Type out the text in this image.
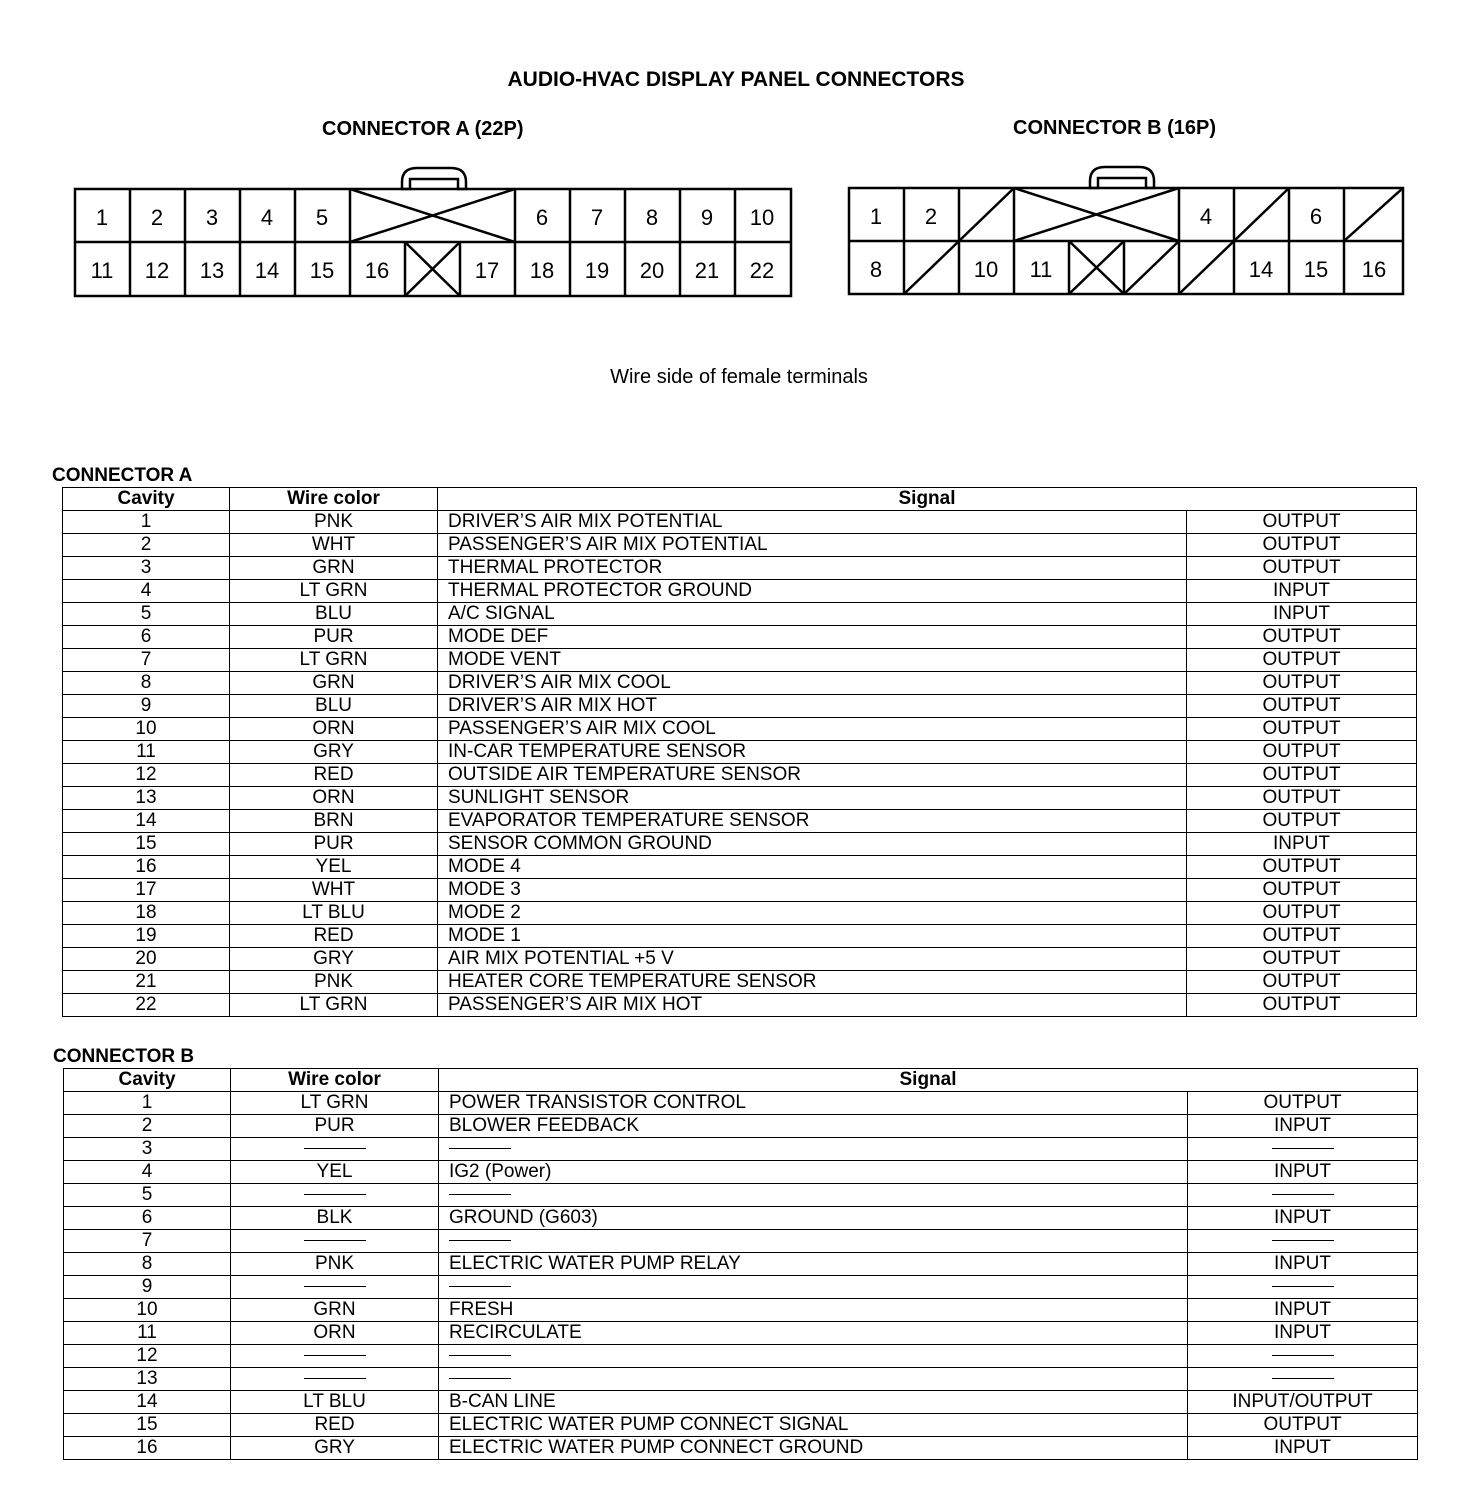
AUDIO-HVAC DISPLAY PANEL CONNECTORS
CONNECTOR A (22P)	CONNECTOR B (16P)
1 2 3 4 5	6 7 8 9 10
11 12 13 14 15 16	17 18 19 20 21 22
1 2	4	6
8	10 11	14 15 16
Wire side of female terminals
CONNECTOR A
Cavity	Wire color	Signal	
1	PNK	DRIVER’S AIR MIX POTENTIAL	OUTPUT
2	WHT	PASSENGER’S AIR MIX POTENTIAL	OUTPUT
3	GRN	THERMAL PROTECTOR	OUTPUT
4	LT GRN	THERMAL PROTECTOR GROUND	INPUT
5	BLU	A/C SIGNAL	INPUT
6	PUR	MODE DEF	OUTPUT
7	LT GRN	MODE VENT	OUTPUT
8	GRN	DRIVER’S AIR MIX COOL	OUTPUT
9	BLU	DRIVER’S AIR MIX HOT	OUTPUT
10	ORN	PASSENGER’S AIR MIX COOL	OUTPUT
11	GRY	IN-CAR TEMPERATURE SENSOR	OUTPUT
12	RED	OUTSIDE AIR TEMPERATURE SENSOR	OUTPUT
13	ORN	SUNLIGHT SENSOR	OUTPUT
14	BRN	EVAPORATOR TEMPERATURE SENSOR	OUTPUT
15	PUR	SENSOR COMMON GROUND	INPUT
16	YEL	MODE 4	OUTPUT
17	WHT	MODE 3	OUTPUT
18	LT BLU	MODE 2	OUTPUT
19	RED	MODE 1	OUTPUT
20	GRY	AIR MIX POTENTIAL +5 V	OUTPUT
21	PNK	HEATER CORE TEMPERATURE SENSOR	OUTPUT
22	LT GRN	PASSENGER’S AIR MIX HOT	OUTPUT
CONNECTOR B
Cavity	Wire color	Signal	
1	LT GRN	POWER TRANSISTOR CONTROL	OUTPUT
2	PUR	BLOWER FEEDBACK	INPUT
3			
4	YEL	IG2 (Power)	INPUT
5			
6	BLK	GROUND (G603)	INPUT
7			
8	PNK	ELECTRIC WATER PUMP RELAY	INPUT
9			
10	GRN	FRESH	INPUT
11	ORN	RECIRCULATE	INPUT
12			
13			
14	LT BLU	B-CAN LINE	INPUT/OUTPUT
15	RED	ELECTRIC WATER PUMP CONNECT SIGNAL	OUTPUT
16	GRY	ELECTRIC WATER PUMP CONNECT GROUND	INPUT
